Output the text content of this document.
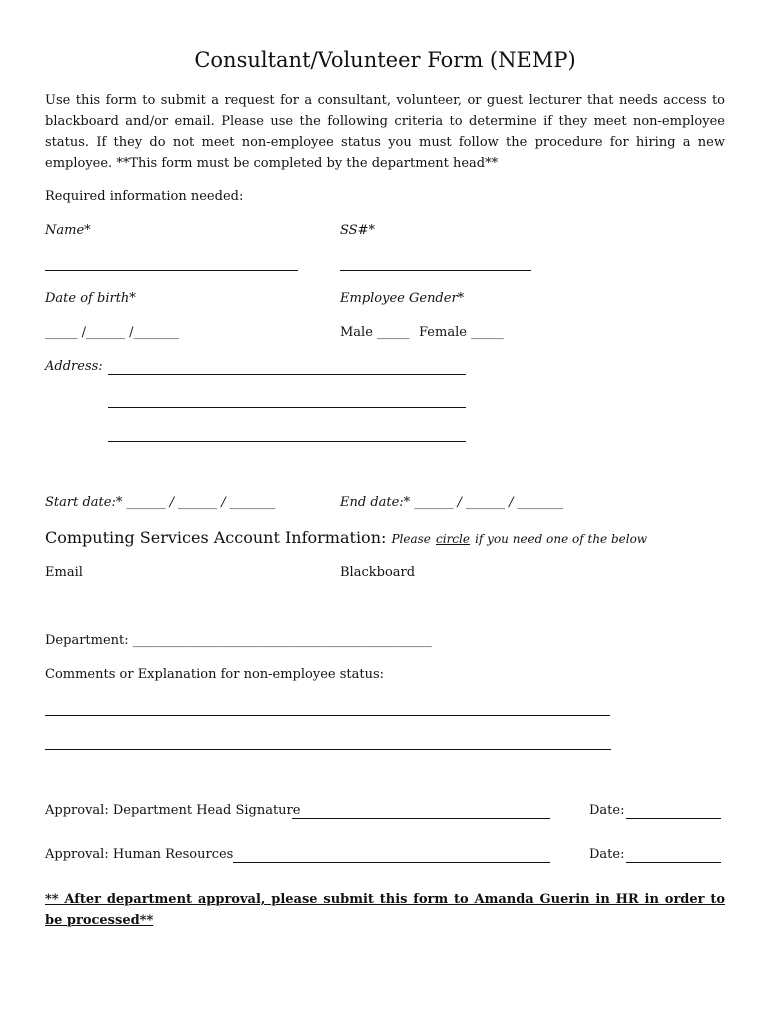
Consultant/Volunteer Form (NEMP)
Use this form to submit a request for a consultant, volunteer, or guest lecturer that needs access to blackboard and/or email. Please use the following criteria to determine if they meet non-employee status. If they do not meet non-employee status you must follow the procedure for hiring a new employee. **This form must be completed by the department head**
Required information needed:
Name*	SS#*
Date of birth*	Employee Gender*
_____ /______ /_______	Male _____ Female _____
Address:
Start date:* ______ / ______ / _______	End date:* ______ / ______ / _______
Computing Services Account Information: Please circle if you need one of the below
Email	Blackboard
Department: ______________________________________________
Comments or Explanation for non-employee status:
Approval: Department Head Signature	Date:
Approval: Human Resources	Date:
** After department approval, please submit this form to Amanda Guerin in HR in order to be processed**
